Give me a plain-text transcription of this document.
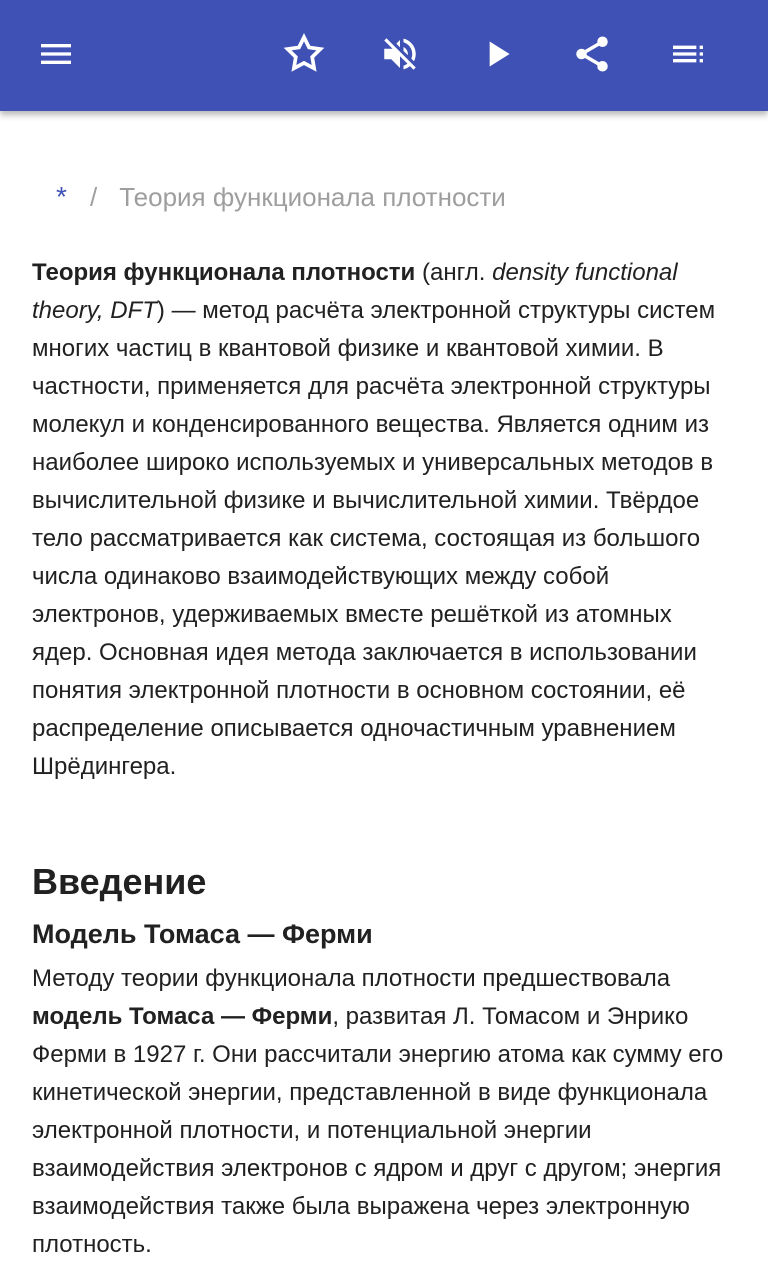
* / Теория функционала плотности

Теория функционала плотности (англ. density functional theory, DFT) — метод расчёта электронной структуры систем многих частиц в квантовой физике и квантовой химии. В частности, применяется для расчёта электронной структуры молекул и конденсированного вещества. Является одним из наиболее широко используемых и универсальных методов в вычислительной физике и вычислительной химии. Твёрдое тело рассматривается как система, состоящая из большого числа одинаково взаимодействующих между собой электронов, удерживаемых вместе решёткой из атомных ядер. Основная идея метода заключается в использовании понятия электронной плотности в основном состоянии, её распределение описывается одночастичным уравнением Шрёдингера.

Введение
Модель Томаса — Ферми

Методу теории функционала плотности предшествовала модель Томаса — Ферми, развитая Л. Томасом и Энрико Ферми в 1927 г. Они рассчитали энергию атома как сумму его кинетической энергии, представленной в виде функционала электронной плотности, и потенциальной энергии взаимодействия электронов с ядром и друг с другом; энергия взаимодействия также была выражена через электронную плотность.
